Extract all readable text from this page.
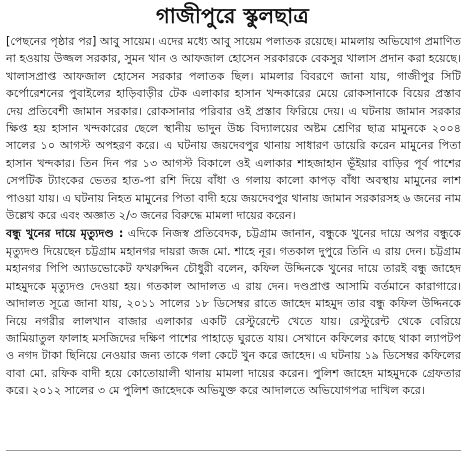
গাজীপুরে স্কুলছাত্র

[পেছনের পৃষ্ঠার পর] আবু সায়েম। এদের মধ্যে আবু সায়েম পলাতক রয়েছে। মামলায় অভিযোগ প্রমাণিত না হওয়ায় উজ্জল সরকার, সুমন খান ও আফজাল হোসেন সরকারকে বেকসুর খালাস প্রদান করা হয়েছে। খালাসপ্রাপ্ত আফজাল হোসেন সরকার পলাতক ছিল। মামলার বিবরণে জানা যায়, গাজীপুর সিটি কর্পোরেশনের পুবাইলের হাড়িবাড়ীর টেক এলাকার হাসান খন্দকারের মেয়ে রোকসানাকে বিয়ের প্রস্তাব দেয় প্রতিবেশী জামান সরকার। রোকসানার পরিবার ওই প্রস্তাব ফিরিয়ে দেয়। এ ঘটনায় জামান সরকার ক্ষিপ্ত হয় হাসান খন্দকারের ছেলে স্থানীয় ভাদুন উচ্চ বিদ্যালয়ের অষ্টম শ্রেণির ছাত্র মামুনকে ২০০৪ সালের ১০ আগস্ট অপহরণ করে। এ ঘটনায় জয়দেবপুর থানায় সাধারণ ডায়েরি করেন মামুনের পিতা হাসান খন্দকার। তিন দিন পর ১৩ আগস্ট বিকালে ওই এলাকার শাহজাহান ভূঁইয়ার বাড়ির পূর্ব পাশের সেপটিক ট্যাংকের ভেতর হাত-পা রশি দিয়ে বাঁধা ও গলায় কালো কাপড় বাঁধা অবস্থায় মামুনের লাশ পাওয়া যায়। এ ঘটনায় নিহত মামুনের পিতা বাদী হয়ে জয়দেবপুর থানায় জামান সরকারসহ ৬ জনের নাম উল্লেখ করে এবং অজ্ঞাত ২/৩ জনের বিরুদ্ধে মামলা দায়ের করেন।

বন্ধু খুনের দায়ে মৃত্যুদণ্ড : এদিকে নিজস্ব প্রতিবেদক, চট্টগ্রাম জানান, বন্ধুকে খুনের দায়ে অপর বন্ধুকে মৃত্যুদণ্ড দিয়েছেন চট্টগ্রাম মহানগর দায়রা জজ মো. শাহে নূর। গতকাল দুপুরে তিনি এ রায় দেন। চট্টগ্রাম মহানগর পিপি অ্যাডভোকেট ফখরুদ্দিন চৌধুরী বলেন, কফিল উদ্দিনকে খুনের দায়ে তারই বন্ধু জাহেদ মাহমুদকে মৃত্যুদণ্ড দেওয়া হয়। গতকাল আদালত এ রায় দেন। দণ্ডপ্রাপ্ত আসামি বর্তমানে কারাগারে। আদালত সূত্রে জানা যায়, ২০১১ সালের ১৮ ডিসেম্বর রাতে জাহেদ মাহমুদ তার বন্ধু কফিল উদ্দিনকে নিয়ে নগরীর লালখান বাজার এলাকার একটি রেস্টুরেন্টে খেতে যায়। রেস্টুরেন্ট থেকে বেরিয়ে জামিয়াতুল ফালাহ মসজিদের দক্ষিণ পাশের পাহাড়ে ঘুরতে যায়। সেখানে কফিলের কাছে থাকা ল্যাপটপ ও নগদ টাকা ছিনিয়ে নেওয়ার জন্য তাকে গলা কেটে খুন করে জাহেদ। এ ঘটনায় ১৯ ডিসেম্বর কফিলের বাবা মো. রফিক বাদী হয়ে কোতোয়ালী থানায় মামলা দায়ের করেন। পুলিশ জাহেদ মাহমুদকে গ্রেফতার করে। ২০১২ সালের ৩ মে পুলিশ জাহেদকে অভিযুক্ত করে আদালতে অভিযোগপত্র দাখিল করে।
